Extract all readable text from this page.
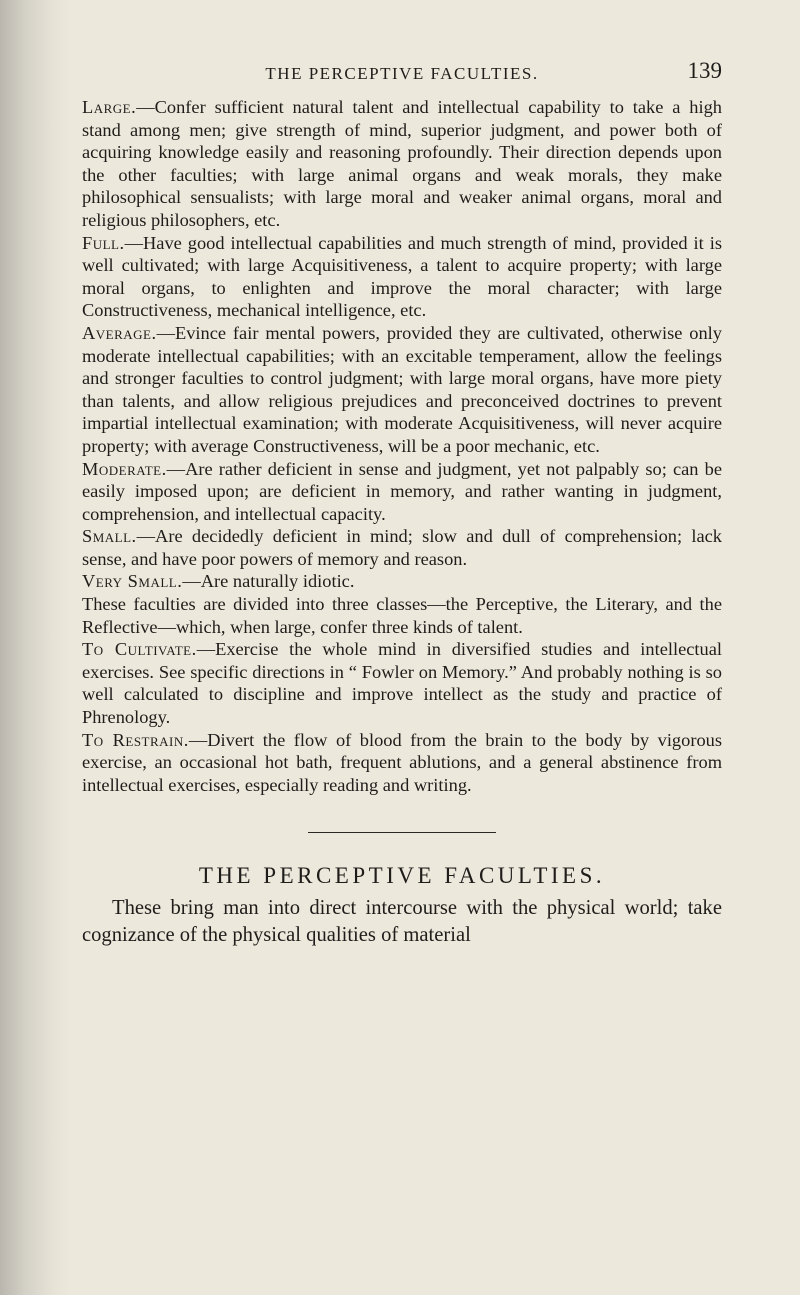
THE PERCEPTIVE FACULTIES.	139

Large.—Confer sufficient natural talent and intellectual capability to take a high stand among men; give strength of mind, superior judgment, and power both of acquiring knowledge easily and reasoning profoundly. Their direction depends upon the other faculties; with large animal organs and weak morals, they make philosophical sensualists; with large moral and weaker animal organs, moral and religious philosophers, etc.

Full.—Have good intellectual capabilities and much strength of mind, provided it is well cultivated; with large Acquisitiveness, a talent to acquire property; with large moral organs, to enlighten and improve the moral character; with large Constructiveness, mechanical intelligence, etc.

Average.—Evince fair mental powers, provided they are cultivated, otherwise only moderate intellectual capabilities; with an excitable temperament, allow the feelings and stronger faculties to control judgment; with large moral organs, have more piety than talents, and allow religious prejudices and preconceived doctrines to prevent impartial intellectual examination; with moderate Acquisitiveness, will never acquire property; with average Constructiveness, will be a poor mechanic, etc.

Moderate.—Are rather deficient in sense and judgment, yet not palpably so; can be easily imposed upon; are deficient in memory, and rather wanting in judgment, comprehension, and intellectual capacity.

Small.—Are decidedly deficient in mind; slow and dull of comprehension; lack sense, and have poor powers of memory and reason.

Very Small.—Are naturally idiotic.

These faculties are divided into three classes—the Perceptive, the Literary, and the Reflective—which, when large, confer three kinds of talent.

To Cultivate.—Exercise the whole mind in diversified studies and intellectual exercises. See specific directions in “ Fowler on Memory.” And probably nothing is so well calculated to discipline and improve intellect as the study and practice of Phrenology.

To Restrain.—Divert the flow of blood from the brain to the body by vigorous exercise, an occasional hot bath, frequent ablutions, and a general abstinence from intellectual exercises, especially reading and writing.

THE PERCEPTIVE FACULTIES.

These bring man into direct intercourse with the physical world; take cognizance of the physical qualities of material
